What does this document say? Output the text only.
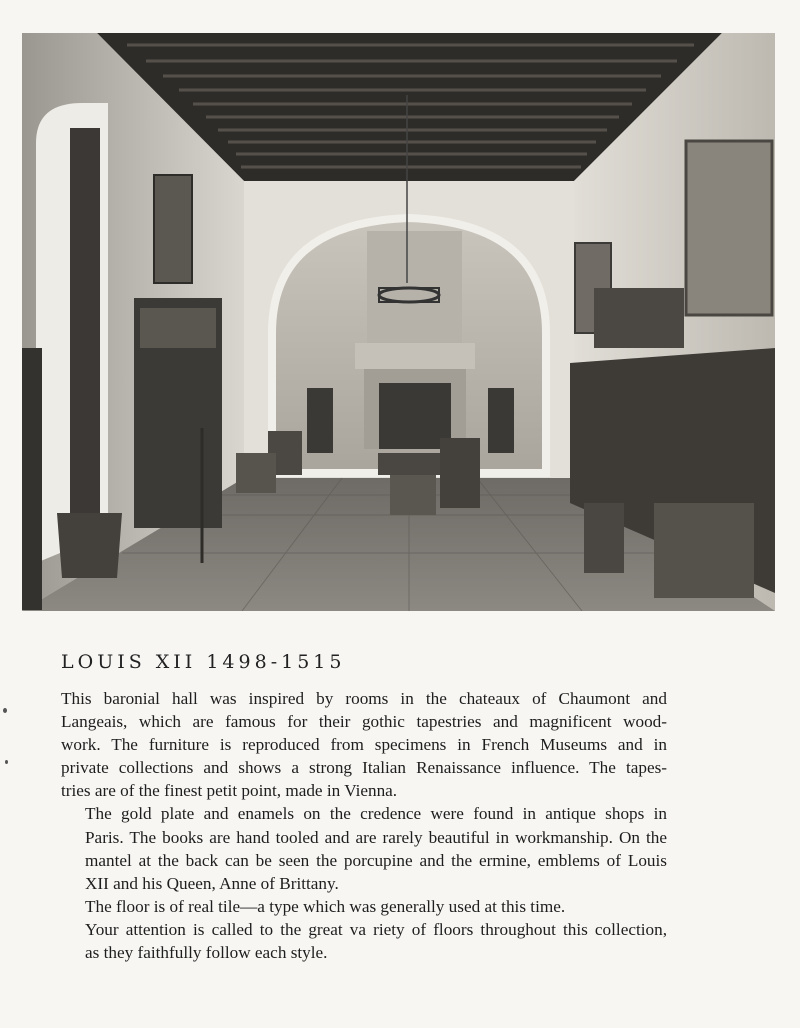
LOUIS XII 1498-1515

This baronial hall was inspired by rooms in the chateaux of Chaumont and
Langeais, which are famous for their gothic tapestries and magnificent wood-
work. The furniture is reproduced from specimens in French Museums and in
private collections and shows a strong Italian Renaissance influence. The tapes-
tries are of the finest petit point, made in Vienna.

The gold plate and enamels on the credence were found in antique shops in
Paris. The books are hand tooled and are rarely beautiful in workmanship. On the
mantel at the back can be seen the porcupine and the ermine, emblems of Louis
XII and his Queen, Anne of Brittany.

The floor is of real tile—a type which was generally used at this time.

Your attention is called to the great va riety of floors throughout this collection,
as they faithfully follow each style.
